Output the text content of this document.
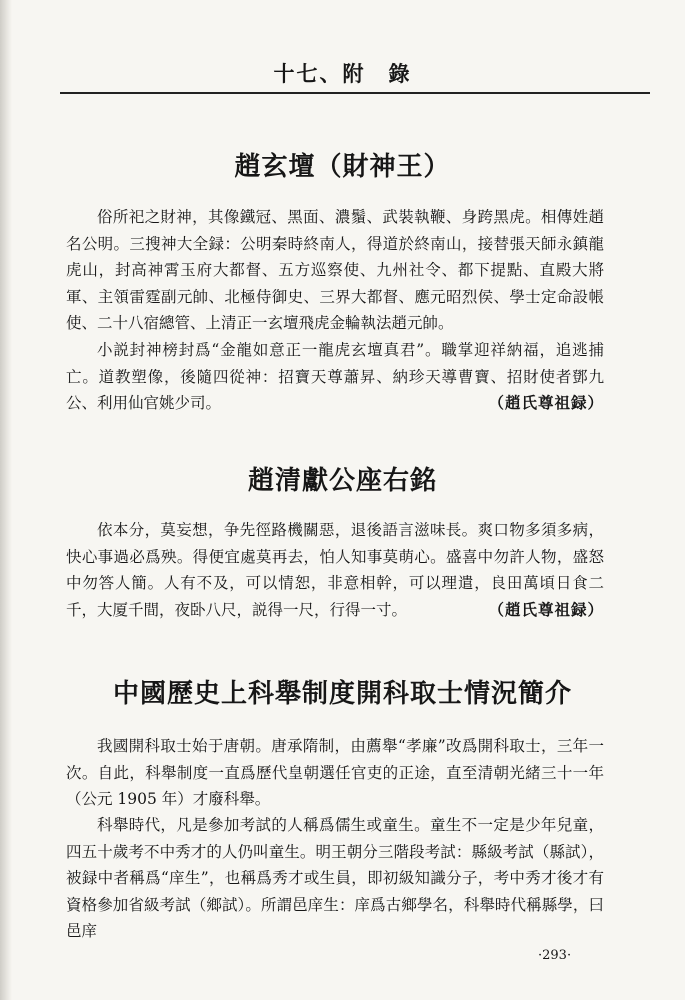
十七、附　錄
趙玄壇（財神王）

俗所祀之財神，其像鐵冠、黑面、濃鬚、武裝執鞭、身跨黑虎。相傳姓趙名公明。三搜神大全録：公明秦時終南人，得道於終南山，接替張天師永鎮龍虎山，封高神霄玉府大都督、五方巡察使、九州社令、都下提點、直殿大將軍、主領雷霆副元帥、北極侍御史、三界大都督、應元昭烈侯、學士定命設帳使、二十八宿總管、上清正一玄壇飛虎金輪執法趙元帥。

小説封神榜封爲“金龍如意正一龍虎玄壇真君”。職掌迎祥納福，追逃捕亡。道教塑像，後隨四從神：招寶天尊蕭昇、納珍天導曹寶、招財使者鄧九公、利用仙官姚少司。	（趙氏尊祖録）

趙清獻公座右銘

依本分，莫妄想，争先徑路機關惡，退後語言滋味長。爽口物多須多病，快心事過必爲殃。得便宜處莫再去，怕人知事莫萌心。盛喜中勿許人物，盛怒中勿答人簡。人有不及，可以情恕，非意相幹，可以理遣，良田萬頃日食二千，大厦千間，夜卧八尺，説得一尺，行得一寸。	（趙氏尊祖録）

中國歷史上科舉制度開科取士情況簡介

我國開科取士始于唐朝。唐承隋制，由薦舉“孝廉”改爲開科取士，三年一次。自此，科舉制度一直爲歷代皇朝選任官吏的正途，直至清朝光緒三十一年（公元 1905 年）才廢科舉。

科舉時代，凡是參加考試的人稱爲儒生或童生。童生不一定是少年兒童，四五十歲考不中秀才的人仍叫童生。明王朝分三階段考試：縣級考試（縣試），被録中者稱爲“庠生”，也稱爲秀才或生員，即初級知識分子，考中秀才後才有資格參加省級考試（鄉試）。所謂邑庠生：庠爲古鄉學名，科舉時代稱縣學，曰邑庠

·293·
